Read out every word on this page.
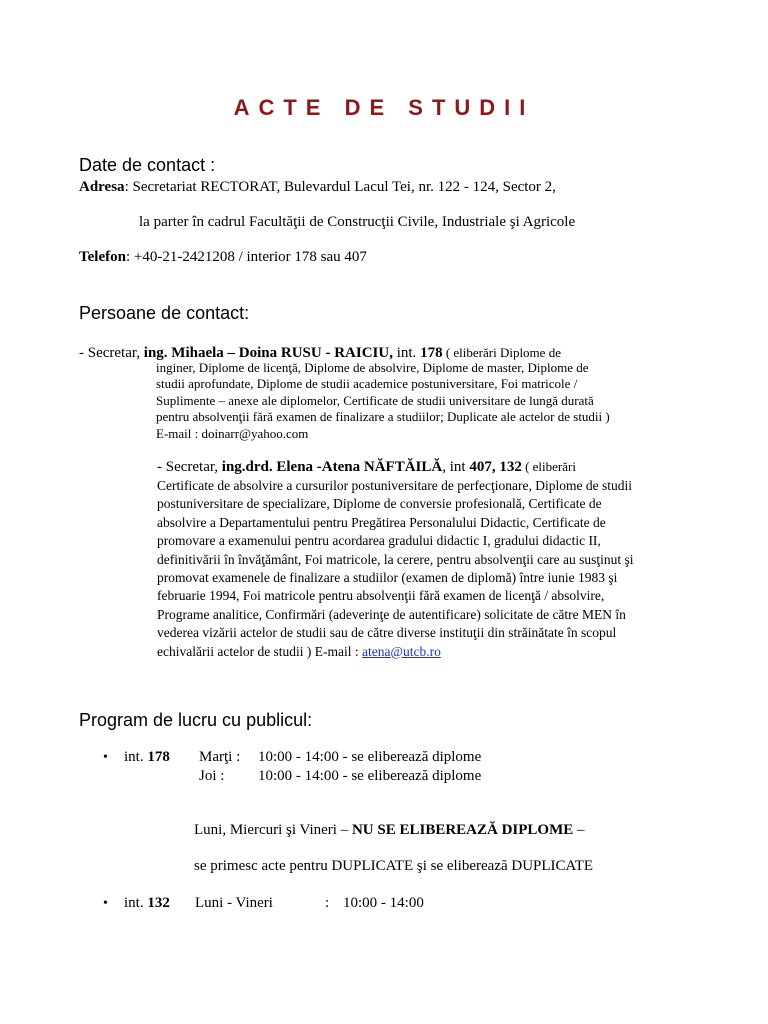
ACTE DE STUDII
Date de contact :
Adresa: Secretariat RECTORAT, Bulevardul Lacul Tei, nr. 122 - 124, Sector 2,
la parter în cadrul Facultăţii de Construcţii Civile, Industriale şi Agricole
Telefon: +40-21-2421208 / interior 178 sau 407
Persoane de contact:
- Secretar, ing. Mihaela – Doina RUSU - RAICIU, int. 178 ( eliberări Diplome de
inginer, Diplome de licenţă, Diplome de absolvire, Diplome de master, Diplome de
studii aprofundate, Diplome de studii academice postuniversitare, Foi matricole /
Suplimente – anexe ale diplomelor, Certificate de studii universitare de lungă durată
pentru absolvenţii fără examen de finalizare a studiilor; Duplicate ale actelor de studii )
E-mail : doinarr@yahoo.com
- Secretar, ing.drd. Elena -Atena NĂFTĂILĂ, int 407, 132 ( eliberări
Certificate de absolvire a cursurilor postuniversitare de perfecţionare, Diplome de studii
postuniversitare de specializare, Diplome de conversie profesională, Certificate de
absolvire a Departamentului pentru Pregătirea Personalului Didactic, Certificate de
promovare a examenului pentru acordarea gradului didactic I, gradului didactic II,
definitivării în învăţământ, Foi matricole, la cerere, pentru absolvenţii care au susţinut şi
promovat examenele de finalizare a studiilor (examen de diplomă) între iunie 1983 şi
februarie 1994, Foi matricole pentru absolvenţii fără examen de licenţă / absolvire,
Programe analitice, Confirmări (adeverinţe de autentificare) solicitate de către MEN în
vederea vizării actelor de studii sau de către diverse instituţii din străinătate în scopul
echivalării actelor de studii ) E-mail : atena@utcb.ro
Program de lucru cu publicul:
• int. 178 Marţi : 10:00 - 14:00 - se eliberează diplome
Joi : 10:00 - 14:00 - se eliberează diplome
Luni, Miercuri şi Vineri – NU SE ELIBEREAZĂ DIPLOME –
se primesc acte pentru DUPLICATE şi se eliberează DUPLICATE
• int. 132 Luni - Vineri	: 10:00 - 14:00
